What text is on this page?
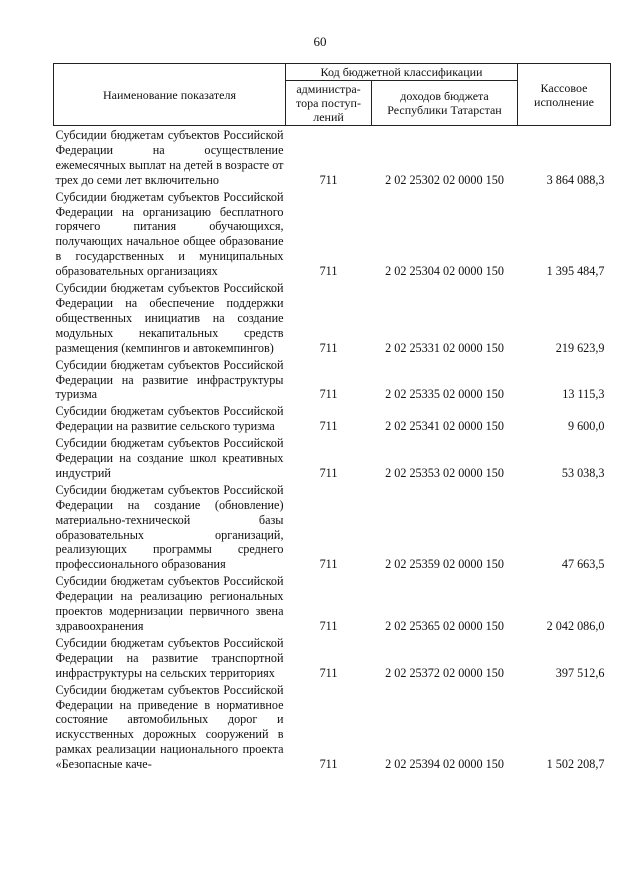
60
Наименование показателя	Код бюджетной классификации		Кассовое исполнение
	администра-тора поступ-лений	доходов бюджета Республики Татарстан	
Субсидии бюджетам субъектов Российской Федерации на осуществление ежемесячных выплат на детей в возрасте от трех до семи лет включительно	711	2 02 25302 02 0000 150	3 864 088,3
Субсидии бюджетам субъектов Российской Федерации на организацию бесплатного горячего питания обучающихся, получающих начальное общее образование в государственных и муниципальных образовательных организациях	711	2 02 25304 02 0000 150	1 395 484,7
Субсидии бюджетам субъектов Российской Федерации на обеспечение поддержки общественных инициатив на создание модульных некапитальных средств размещения (кемпингов и автокемпингов)	711	2 02 25331 02 0000 150	219 623,9
Субсидии бюджетам субъектов Российской Федерации на развитие инфраструктуры туризма	711	2 02 25335 02 0000 150	13 115,3
Субсидии бюджетам субъектов Российской Федерации на развитие сельского туризма	711	2 02 25341 02 0000 150	9 600,0
Субсидии бюджетам субъектов Российской Федерации на создание школ креативных индустрий	711	2 02 25353 02 0000 150	53 038,3
Субсидии бюджетам субъектов Российской Федерации на создание (обновление) материально-технической базы образовательных организаций, реализующих программы среднего профессионального образования	711	2 02 25359 02 0000 150	47 663,5
Субсидии бюджетам субъектов Российской Федерации на реализацию региональных проектов модернизации первичного звена здравоохранения	711	2 02 25365 02 0000 150	2 042 086,0
Субсидии бюджетам субъектов Российской Федерации на развитие транспортной инфраструктуры на сельских территориях	711	2 02 25372 02 0000 150	397 512,6
Субсидии бюджетам субъектов Российской Федерации на приведение в нормативное состояние автомобильных дорог и искусственных дорожных сооружений в рамках реализации национального проекта «Безопасные каче-	711	2 02 25394 02 0000 150	1 502 208,7
